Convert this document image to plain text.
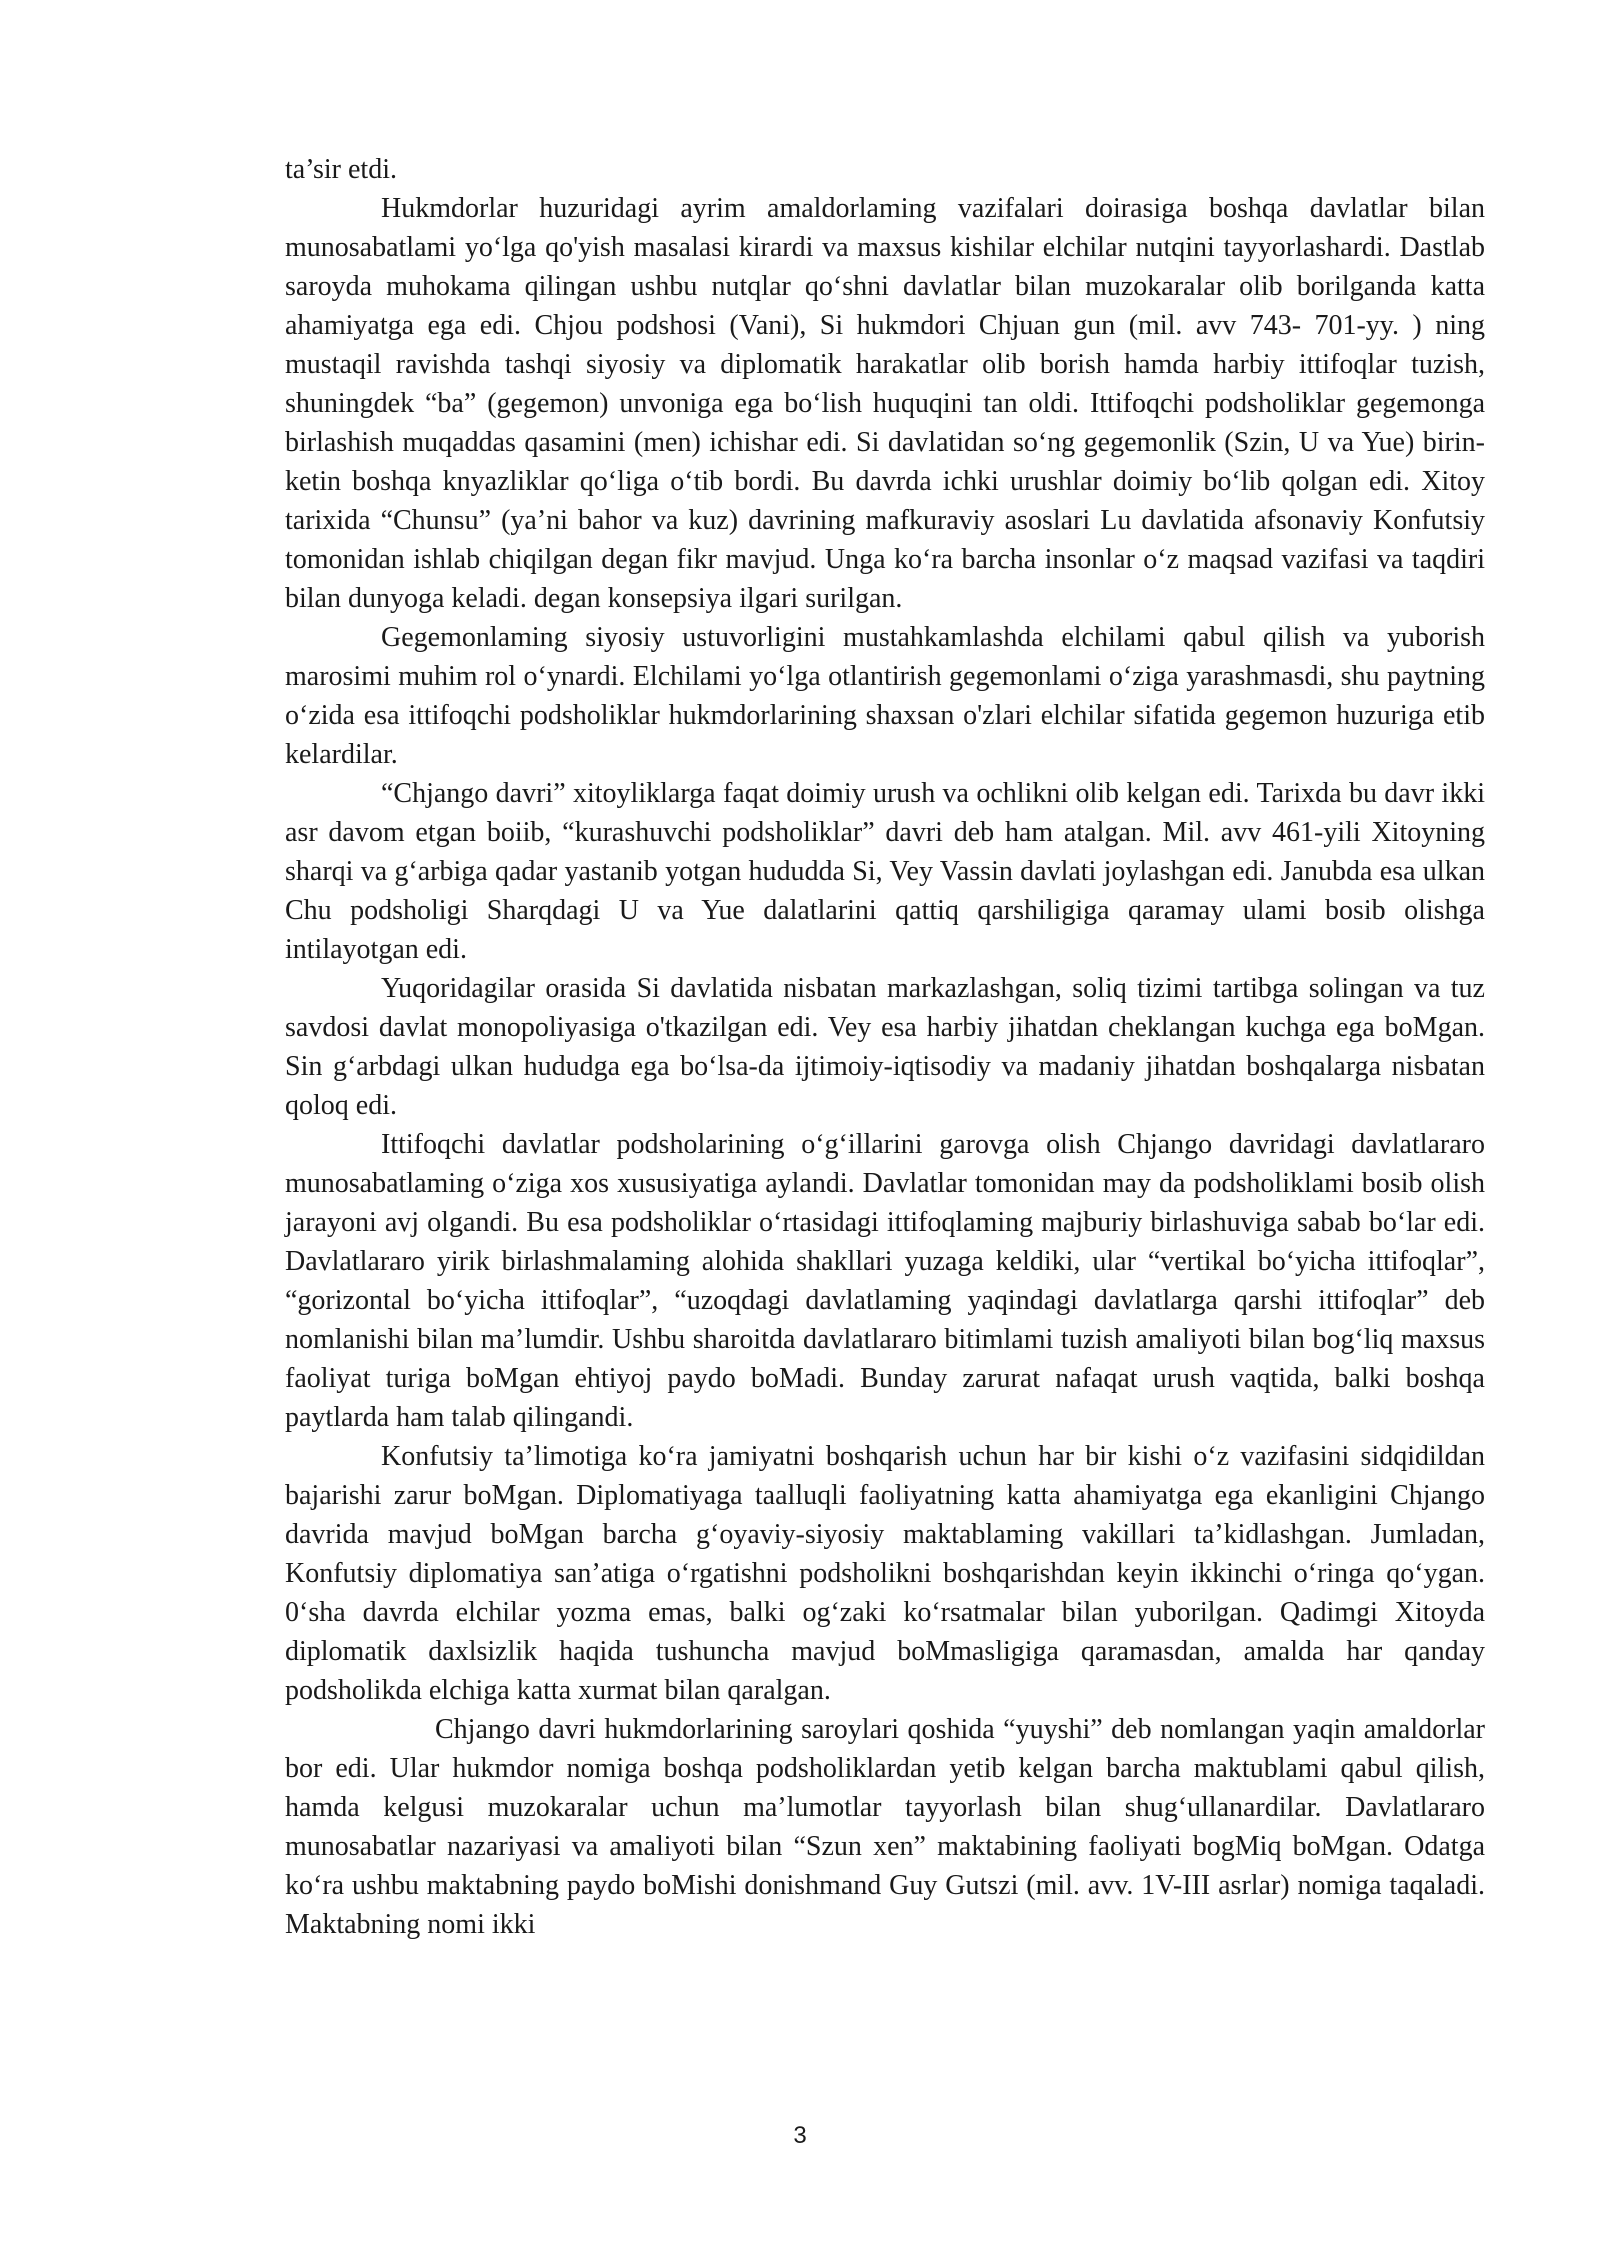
ta’sir etdi.

Hukmdorlar huzuridagi ayrim amaldorlaming vazifalari doirasiga boshqa davlatlar bilan munosabatlami yo‘lga qo'yish masalasi kirardi va maxsus kishilar elchilar nutqini tayyorlashardi. Dastlab saroyda muhokama qilingan ushbu nutqlar qo‘shni davlatlar bilan muzokaralar olib borilganda katta ahamiyatga ega edi. Chjou podshosi (Vani), Si hukmdori Chjuan gun (mil. avv 743- 701-yy. ) ning mustaqil ravishda tashqi siyosiy va diplomatik harakatlar olib borish hamda harbiy ittifoqlar tuzish, shuningdek “ba” (gegemon) unvoniga ega bo‘lish huquqini tan oldi. Ittifoqchi podsholiklar gegemonga birlashish muqaddas qasamini (men) ichishar edi. Si davlatidan so‘ng gegemonlik (Szin, U va Yue) birin-ketin boshqa knyazliklar qo‘liga o‘tib bordi. Bu davrda ichki urushlar doimiy bo‘lib qolgan edi. Xitoy tarixida “Chunsu” (ya’ni bahor va kuz) davrining mafkuraviy asoslari Lu davlatida afsonaviy Konfutsiy tomonidan ishlab chiqilgan degan fikr mavjud. Unga ko‘ra barcha insonlar o‘z maqsad vazifasi va taqdiri bilan dunyoga keladi. degan konsepsiya ilgari surilgan.

Gegemonlaming siyosiy ustuvorligini mustahkamlashda elchilami qabul qilish va yuborish marosimi muhim rol o‘ynardi. Elchilami yo‘lga otlantirish gegemonlami o‘ziga yarashmasdi, shu paytning o‘zida esa ittifoqchi podsholiklar hukmdorlarining shaxsan o'zlari elchilar sifatida gegemon huzuriga etib kelardilar.

“Chjango davri” xitoyliklarga faqat doimiy urush va ochlikni olib kelgan edi. Tarixda bu davr ikki asr davom etgan boiib, “kurashuvchi podsholiklar” davri deb ham atalgan. Mil. avv 461-yili Xitoyning sharqi va g‘arbiga qadar yastanib yotgan hududda Si, Vey Vassin davlati joylashgan edi. Janubda esa ulkan Chu podsholigi Sharqdagi U va Yue dalatlarini qattiq qarshiligiga qaramay ulami bosib olishga intilayotgan edi.

Yuqoridagilar orasida Si davlatida nisbatan markazlashgan, soliq tizimi tartibga solingan va tuz savdosi davlat monopoliyasiga o'tkazilgan edi. Vey esa harbiy jihatdan cheklangan kuchga ega boMgan. Sin g‘arbdagi ulkan hududga ega bo‘lsa-da ijtimoiy-iqtisodiy va madaniy jihatdan boshqalarga nisbatan qoloq edi.

Ittifoqchi davlatlar podsholarining o‘g‘illarini garovga olish Chjango davridagi davlatlararo munosabatlaming o‘ziga xos xususiyatiga aylandi. Davlatlar tomonidan may da podsholiklami bosib olish jarayoni avj olgandi. Bu esa podsholiklar o‘rtasidagi ittifoqlaming majburiy birlashuviga sabab bo‘lar edi. Davlatlararo yirik birlashmalaming alohida shakllari yuzaga keldiki, ular “vertikal bo‘yicha ittifoqlar”, “gorizontal bo‘yicha ittifoqlar”, “uzoqdagi davlatlaming yaqindagi davlatlarga qarshi ittifoqlar” deb nomlanishi bilan ma’lumdir. Ushbu sharoitda davlatlararo bitimlami tuzish amaliyoti bilan bog‘liq maxsus faoliyat turiga boMgan ehtiyoj paydo boMadi. Bunday zarurat nafaqat urush vaqtida, balki boshqa paytlarda ham talab qilingandi.

Konfutsiy ta’limotiga ko‘ra jamiyatni boshqarish uchun har bir kishi o‘z vazifasini sidqidildan bajarishi zarur boMgan. Diplomatiyaga taalluqli faoliyatning katta ahamiyatga ega ekanligini Chjango davrida mavjud boMgan barcha g‘oyaviy-siyosiy maktablaming vakillari ta’kidlashgan. Jumladan, Konfutsiy diplomatiya san’atiga o‘rgatishni podsholikni boshqarishdan keyin ikkinchi o‘ringa qo‘ygan. 0‘sha davrda elchilar yozma emas, balki og‘zaki ko‘rsatmalar bilan yuborilgan. Qadimgi Xitoyda diplomatik daxlsizlik haqida tushuncha mavjud boMmasligiga qaramasdan, amalda har qanday podsholikda elchiga katta xurmat bilan qaralgan.

Chjango davri hukmdorlarining saroylari qoshida “yuyshi” deb nomlangan yaqin amaldorlar bor edi. Ular hukmdor nomiga boshqa podsholiklardan yetib kelgan barcha maktublami qabul qilish, hamda kelgusi muzokaralar uchun ma’lumotlar tayyorlash bilan shug‘ullanardilar. Davlatlararo munosabatlar nazariyasi va amaliyoti bilan “Szun xen” maktabining faoliyati bogMiq boMgan. Odatga ko‘ra ushbu maktabning paydo boMishi donishmand Guy Gutszi (mil. avv. 1V-III asrlar) nomiga taqaladi. Maktabning nomi ikki

3
